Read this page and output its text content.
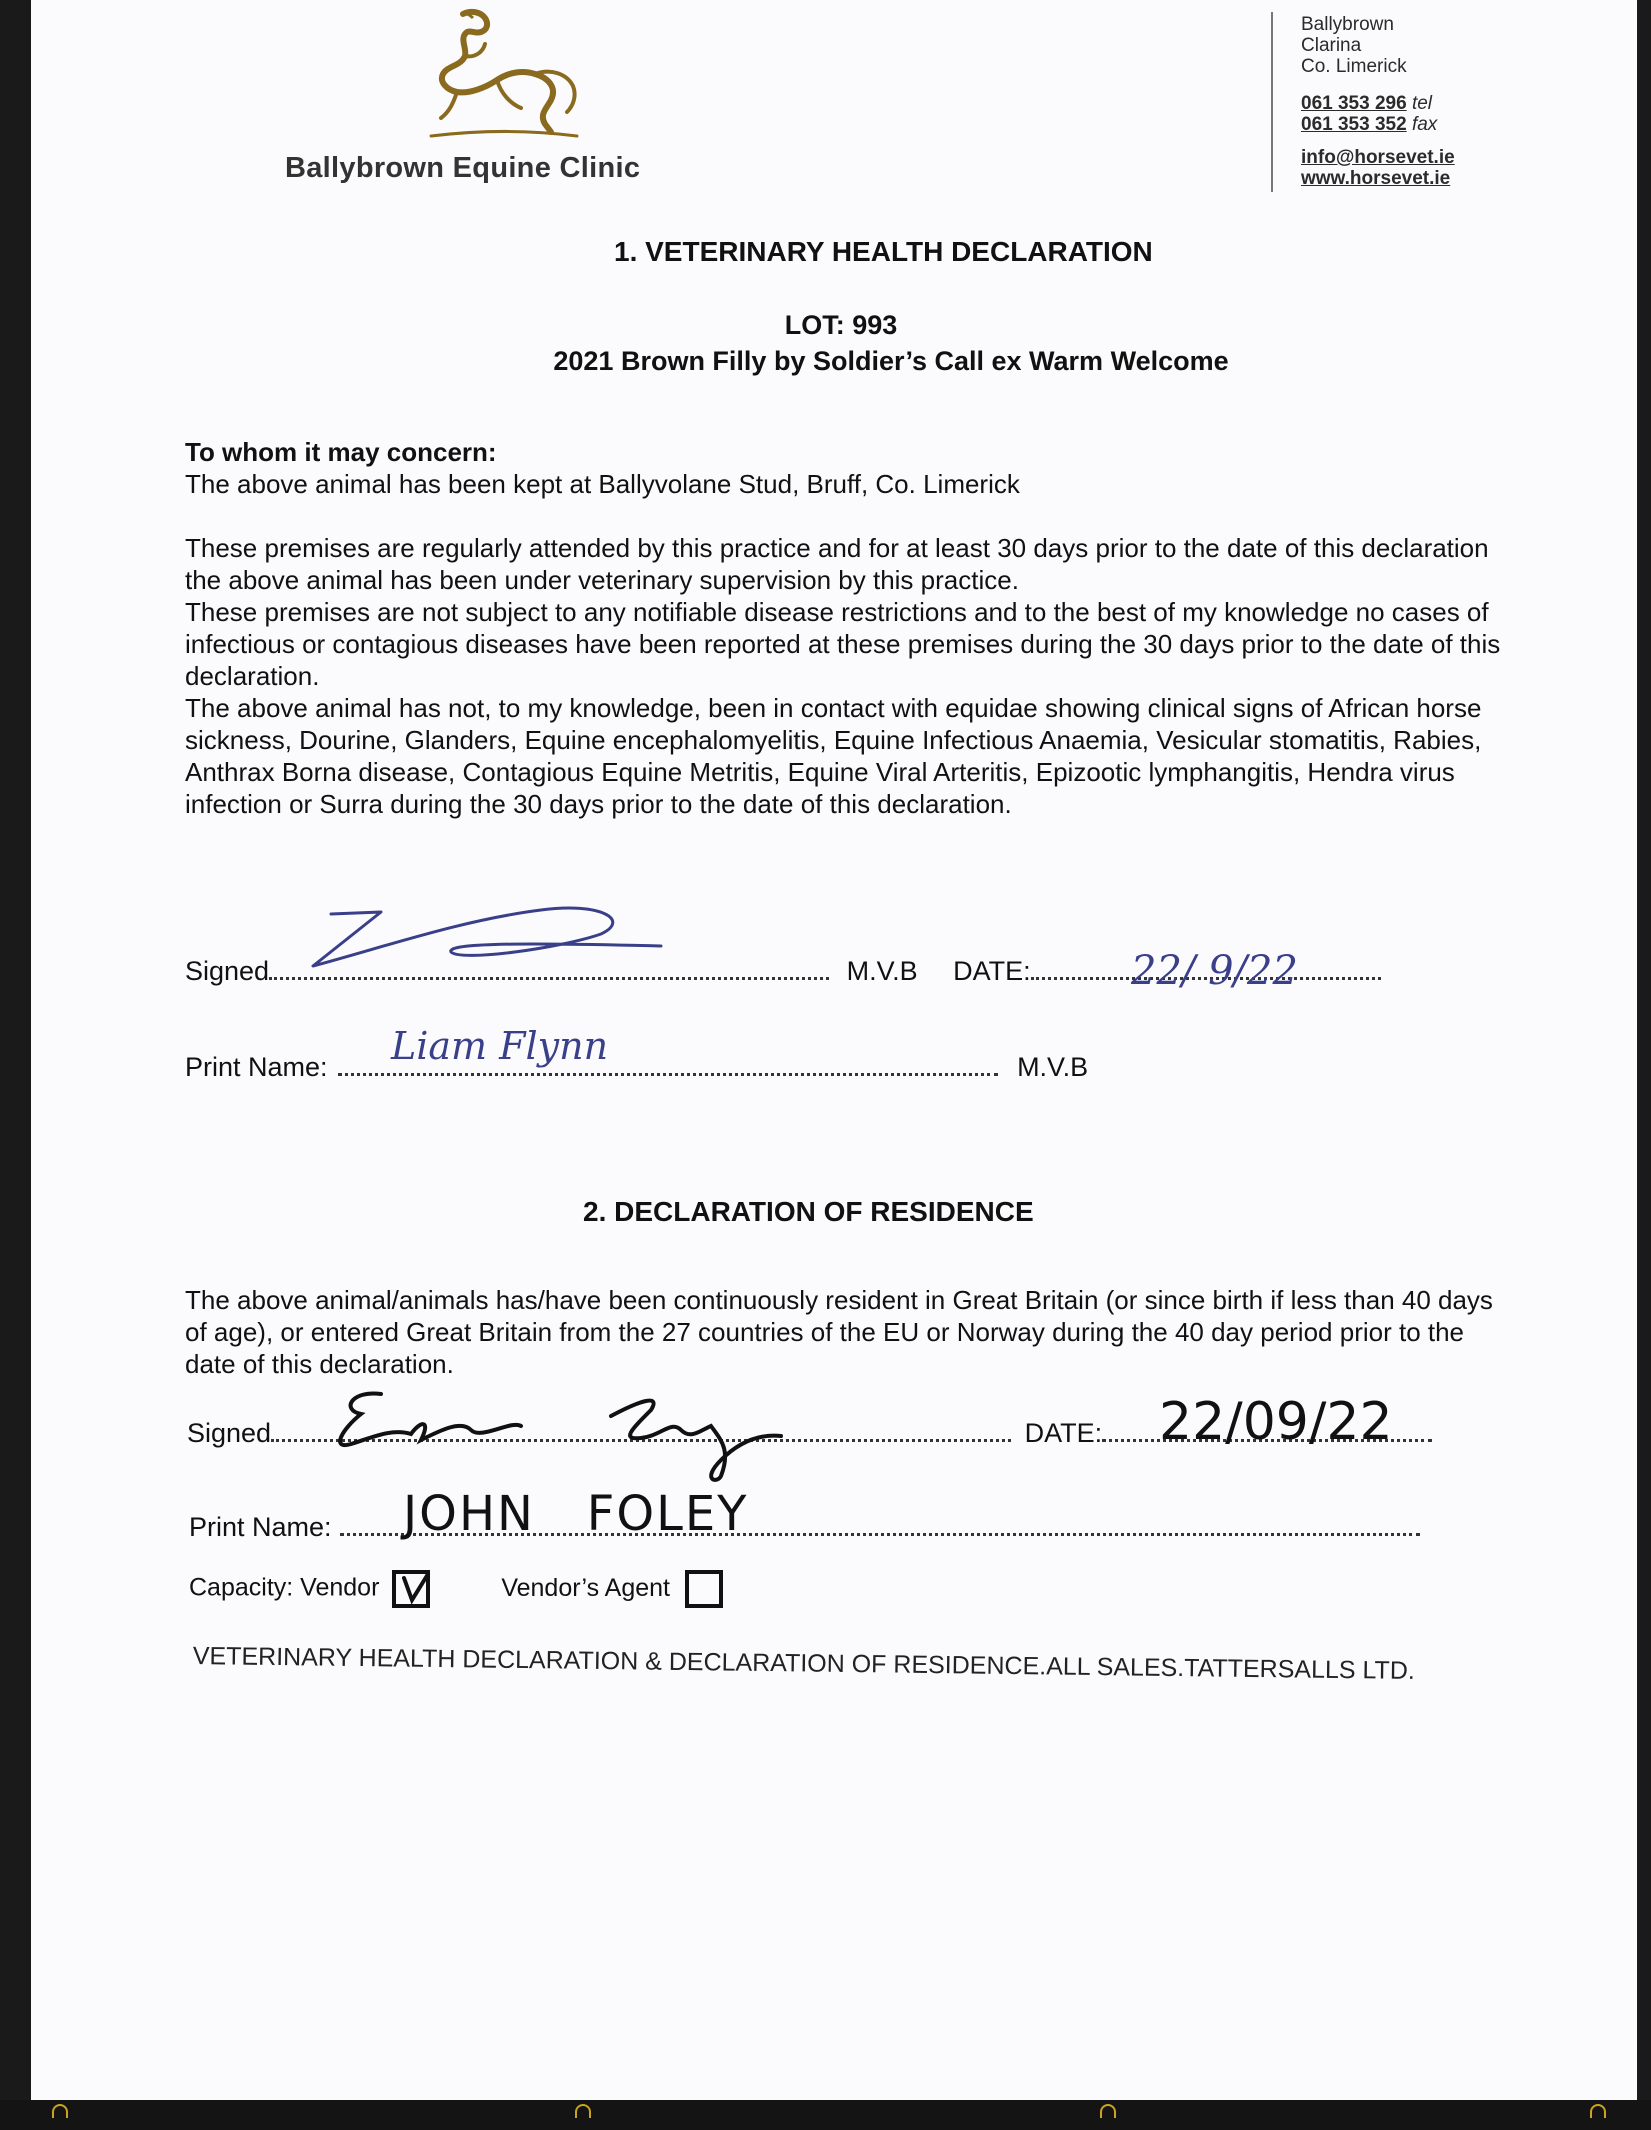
Ballybrown Equine Clinic
Ballybrown
Clarina
Co. Limerick
061 353 296 tel
061 353 352 fax
info@horsevet.ie
www.horsevet.ie
1. VETERINARY HEALTH DECLARATION
LOT: 993
2021 Brown Filly by Soldier’s Call ex Warm Welcome
To whom it may concern:
The above animal has been kept at Ballyvolane Stud, Bruff, Co. Limerick
These premises are regularly attended by this practice and for at least 30 days prior to the date of this declaration the above animal has been under veterinary supervision by this practice.
These premises are not subject to any notifiable disease restrictions and to the best of my knowledge no cases of infectious or contagious diseases have been reported at these premises during the 30 days prior to the date of this declaration.
The above animal has not, to my knowledge, been in contact with equidae showing clinical signs of African horse sickness, Dourine, Glanders, Equine encephalomyelitis, Equine Infectious Anaemia, Vesicular stomatitis, Rabies, Anthrax Borna disease, Contagious Equine Metritis, Equine Viral Arteritis, Epizootic lymphangitis, Hendra virus infection or Surra during the 30 days prior to the date of this declaration.
Signed	M.V.B DATE:	22/ 9/22
Print Name:	M.V.B
Liam Flynn
2. DECLARATION OF RESIDENCE
The above animal/animals has/have been continuously resident in Great Britain (or since birth if less than 40 days of age), or entered Great Britain from the 27 countries of the EU or Norway during the 40 day period prior to the date of this declaration.
Signed	DATE:	22/09/22
Print Name:	JOHN   FOLEY
Capacity: Vendor	Vendor’s Agent
VETERINARY HEALTH DECLARATION & DECLARATION OF RESIDENCE.ALL SALES.TATTERSALLS LTD.
